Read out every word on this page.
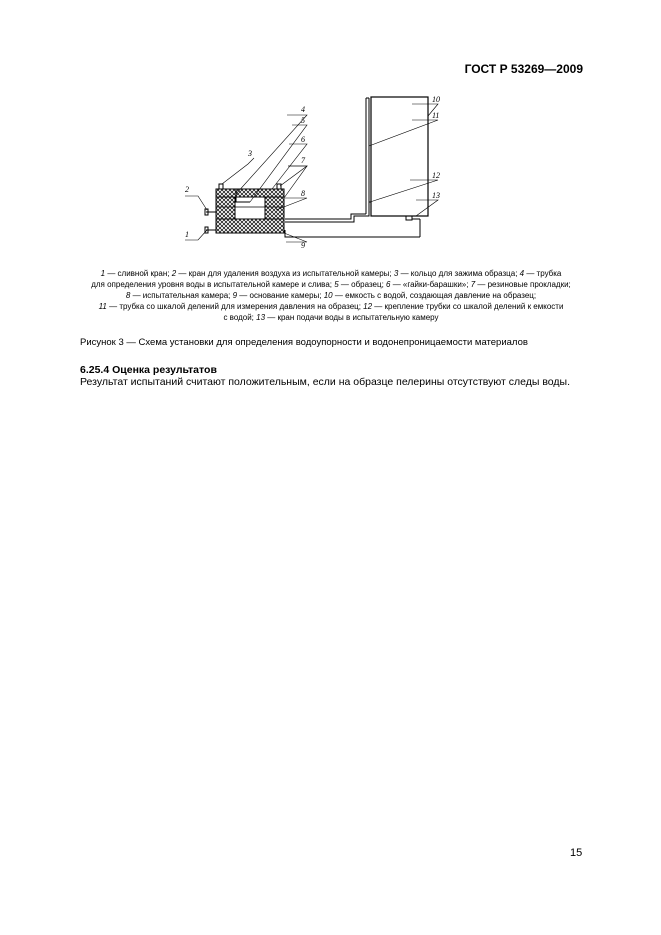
ГОСТ Р 53269—2009
2
1
3
4
5
6
7
8
9
10
11
12
13
1 — сливной кран; 2 — кран для удаления воздуха из испытательной камеры; 3 — кольцо для зажима образца; 4 — трубка
для определения уровня воды в испытательной камере и слива; 5 — образец; 6 — «гайки-барашки»; 7 — резиновые прокладки;
8 — испытательная камера; 9 — основание камеры; 10 — емкость с водой, создающая давление на образец;
11 — трубка со шкалой делений для измерения давления на образец; 12 — крепление трубки со шкалой делений к емкости
с водой; 13 — кран подачи воды в испытательную камеру
Рисунок 3 — Схема установки для определения водоупорности и водонепроницаемости материалов
6.25.4 Оценка результатов
Результат испытаний считают положительным, если на образце пелерины отсутствуют следы воды.
15
